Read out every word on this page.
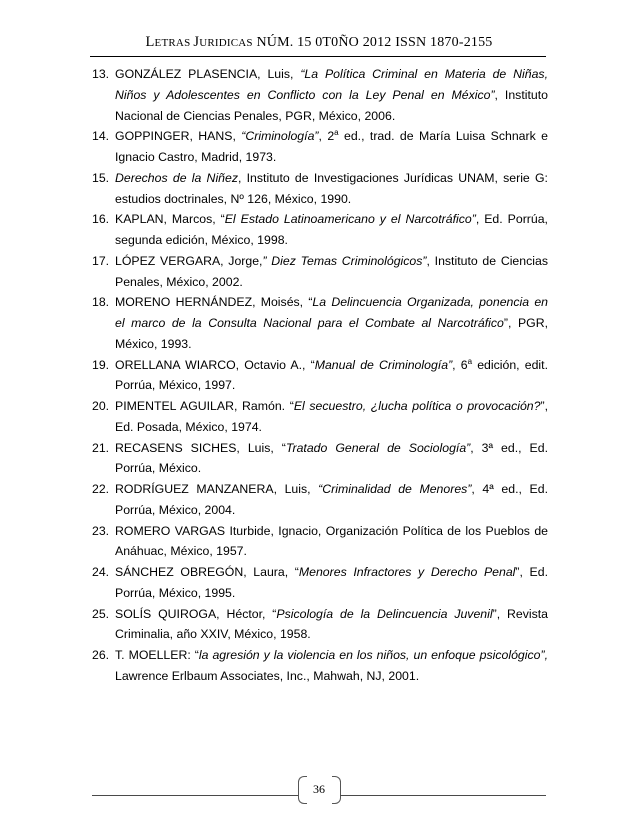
LETRAS JURIDICAS NÚM. 15 0T0ÑO 2012 ISSN 1870-2155
13. GONZÁLEZ PLASENCIA, Luis, “La Política Criminal en Materia de Niñas, Niños y Adolescentes en Conflicto con la Ley Penal en México”, Instituto Nacional de Ciencias Penales, PGR, México, 2006.
14. GOPPINGER, HANS, “Criminología”, 2$^a$ ed., trad. de María Luisa Schnark e Ignacio Castro, Madrid, 1973.
15. Derechos de la Niñez, Instituto de Investigaciones Jurídicas UNAM, serie G: estudios doctrinales, Nº 126, México, 1990.
16. KAPLAN, Marcos, “El Estado Latinoamericano y el Narcotráfico”, Ed. Porrúa, segunda edición, México, 1998.
17. LÓPEZ VERGARA, Jorge,” Diez Temas Criminológicos”, Instituto de Ciencias Penales, México, 2002.
18. MORENO HERNÁNDEZ, Moisés, “La Delincuencia Organizada, ponencia en el marco de la Consulta Nacional para el Combate al Narcotráfico”, PGR, México, 1993.
19. ORELLANA WIARCO, Octavio A., “Manual de Criminología”, 6$^a$ edición, edit. Porrúa, México, 1997.
20. PIMENTEL AGUILAR, Ramón. “El secuestro, ¿lucha política o provocación?”, Ed. Posada, México, 1974.
21. RECASENS SICHES, Luis, “Tratado General de Sociología”, 3ª ed., Ed. Porrúa, México.
22. RODRÍGUEZ MANZANERA, Luis, “Criminalidad de Menores”, 4ª ed., Ed. Porrúa, México, 2004.
23. ROMERO VARGAS Iturbide, Ignacio, Organización Política de los Pueblos de Anáhuac, México, 1957.
24. SÁNCHEZ OBREGÓN, Laura, “Menores Infractores y Derecho Penal”, Ed. Porrúa, México, 1995.
25. SOLÍS QUIROGA, Héctor, “Psicología de la Delincuencia Juvenil”, Revista Criminalia, año XXIV, México, 1958.
26. T. MOELLER: “la agresión y la violencia en los niños, un enfoque psicológico”, Lawrence Erlbaum Associates, Inc., Mahwah, NJ, 2001.
36
